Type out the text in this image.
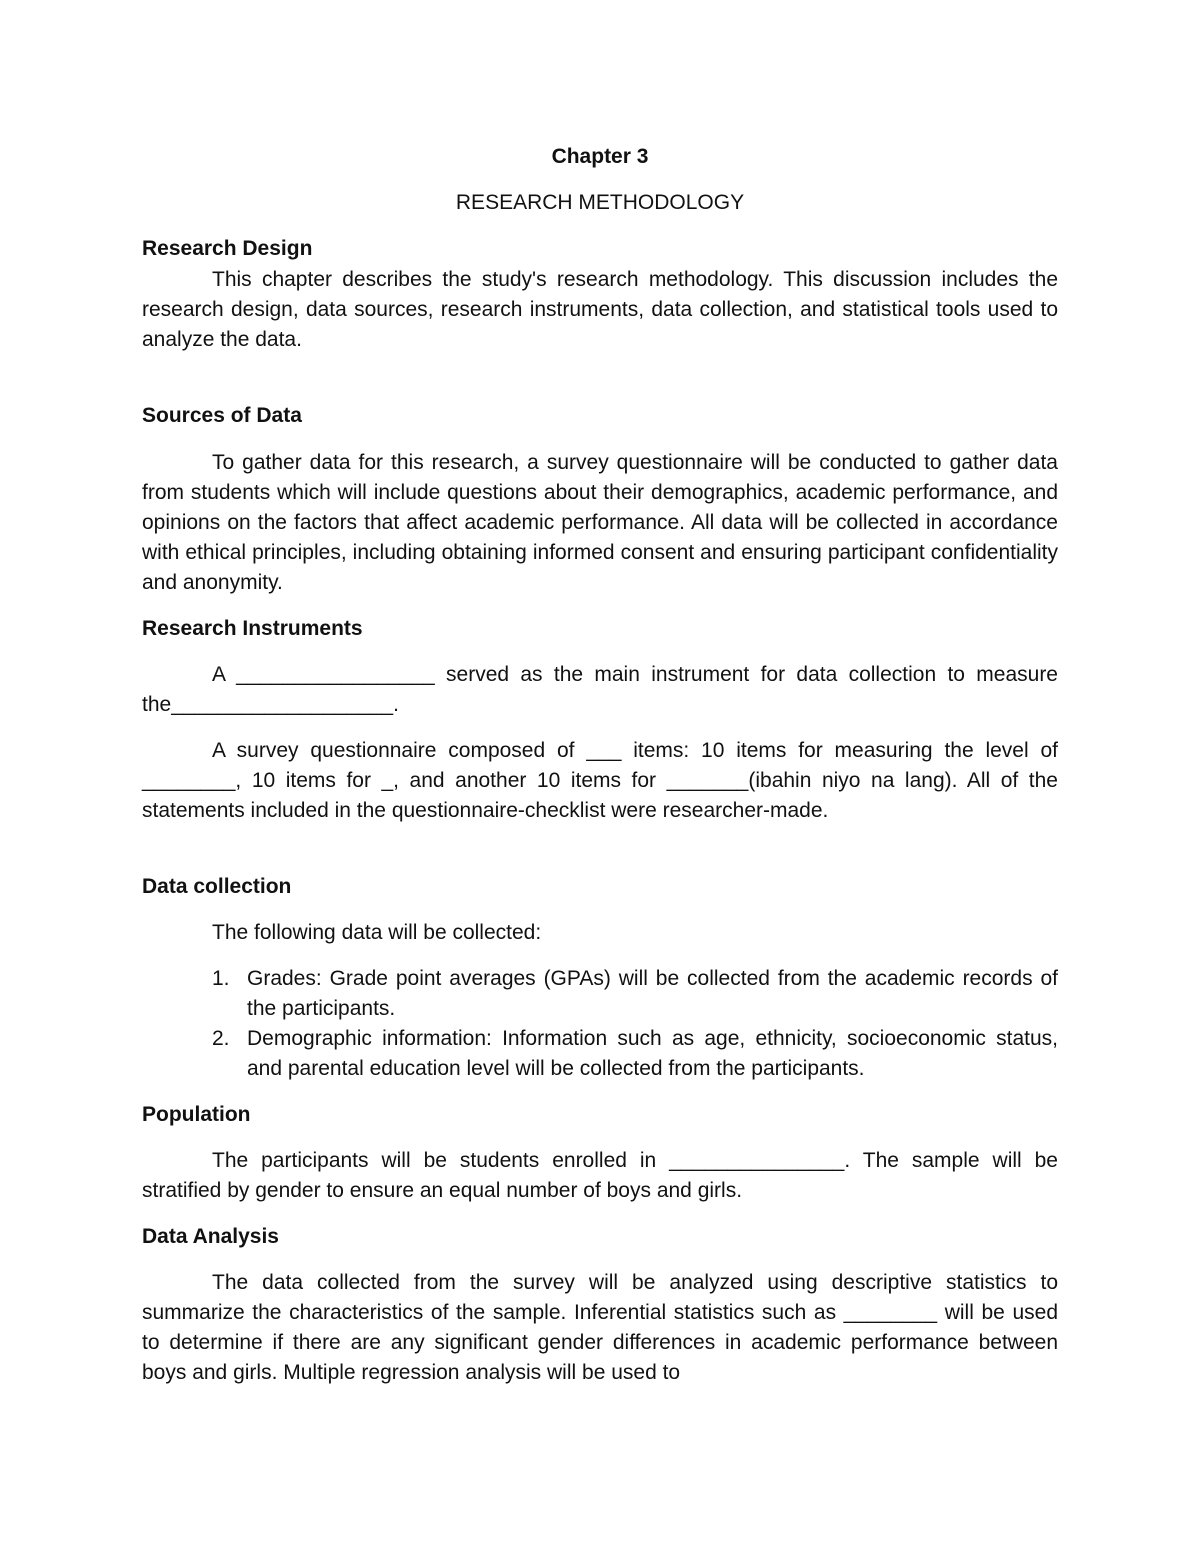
Chapter 3
RESEARCH METHODOLOGY
Research Design

This chapter describes the study's research methodology. This discussion includes the research design, data sources, research instruments, data collection, and statistical tools used to analyze the data.

Sources of Data

To gather data for this research, a survey questionnaire will be conducted to gather data from students which will include questions about their demographics, academic performance, and opinions on the factors that affect academic performance. All data will be collected in accordance with ethical principles, including obtaining informed consent and ensuring participant confidentiality and anonymity.

Research Instruments

A _________________ served as the main instrument for data collection to measure the___________________.

A survey questionnaire composed of ___ items: 10 items for measuring the level of ________, 10 items for _, and another 10 items for _______(ibahin niyo na lang). All of the statements included in the questionnaire-checklist were researcher-made.

Data collection

The following data will be collected:

1. Grades: Grade point averages (GPAs) will be collected from the academic records of the participants.
2. Demographic information: Information such as age, ethnicity, socioeconomic status, and parental education level will be collected from the participants.
Population

The participants will be students enrolled in _______________. The sample will be stratified by gender to ensure an equal number of boys and girls.

Data Analysis

The data collected from the survey will be analyzed using descriptive statistics to summarize the characteristics of the sample. Inferential statistics such as ________ will be used to determine if there are any significant gender differences in academic performance between boys and girls. Multiple regression analysis will be used to
